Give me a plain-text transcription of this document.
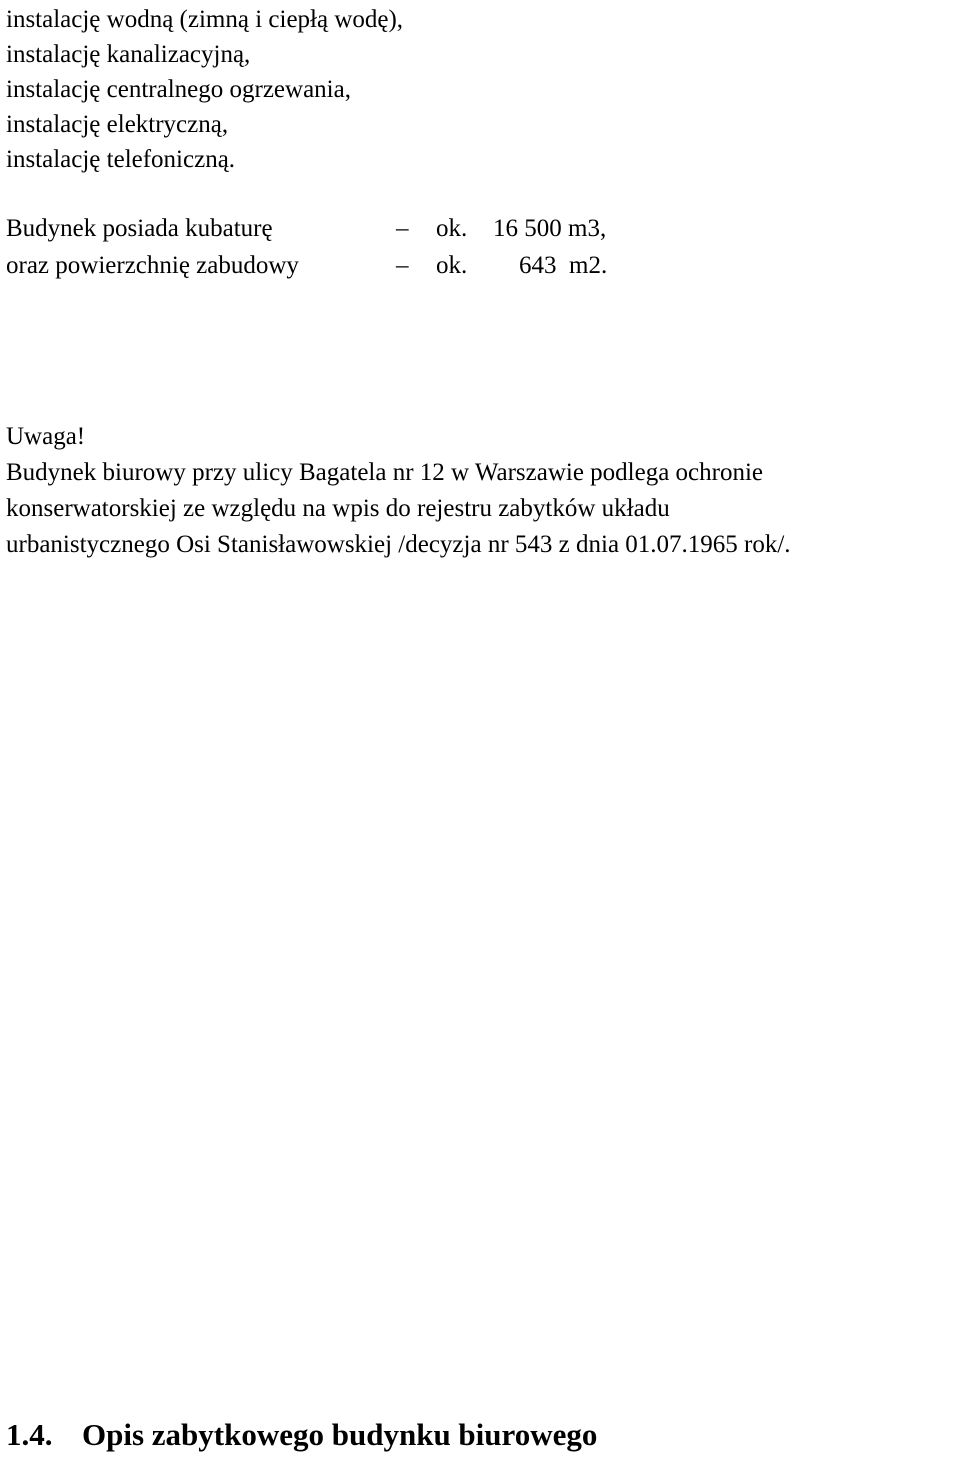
instalację wodną (zimną i ciepłą wodę),
instalację kanalizacyjną,
instalację centralnego ogrzewania,
instalację elektryczną,
instalację telefoniczną.
Budynek posiada kubaturę	– ok. 16 500 m3,
oraz powierzchnię zabudowy	– ok. 643  m2.
Uwaga!
Budynek biurowy przy ulicy Bagatela nr 12 w Warszawie podlega ochronie
konserwatorskiej ze względu na wpis do rejestru zabytków układu
urbanistycznego Osi Stanisławowskiej /decyzja nr 543 z dnia 01.07.1965 rok/.
1.4. Opis zabytkowego budynku biurowego
